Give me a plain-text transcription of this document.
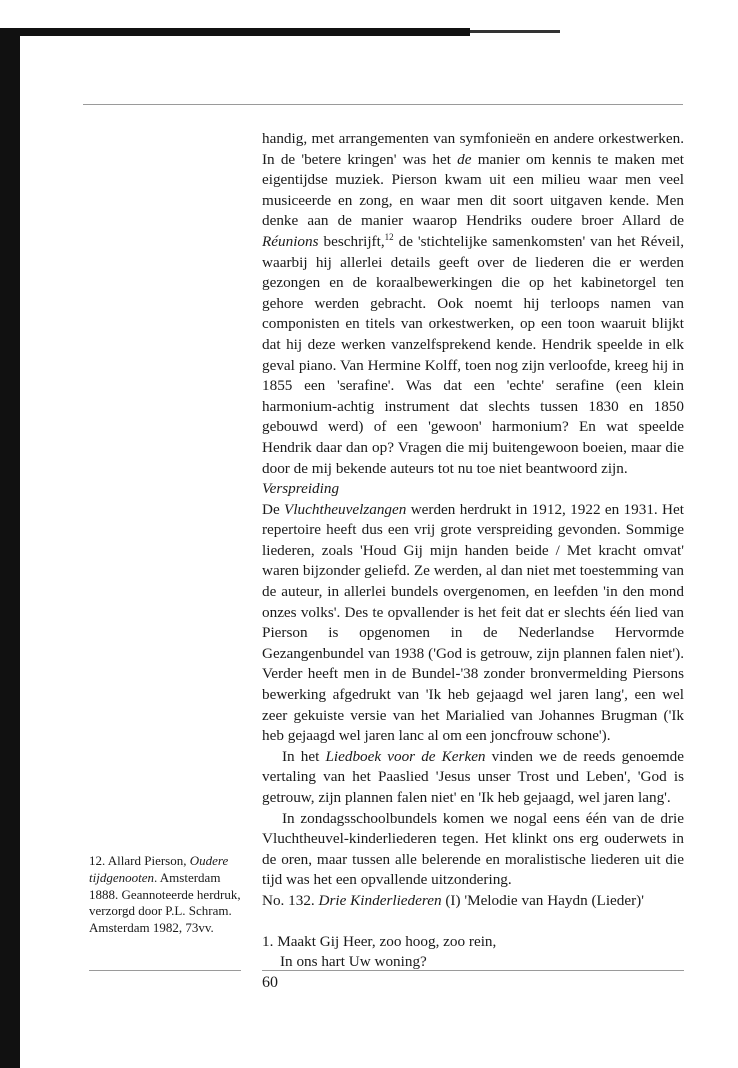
handig, met arrangementen van symfonieën en andere orkestwerken. In de 'betere kringen' was het de manier om kennis te maken met eigentijdse muziek. Pierson kwam uit een milieu waar men veel musiceerde en zong, en waar men dit soort uitgaven kende. Men denke aan de manier waarop Hendriks oudere broer Allard de Réunions beschrijft,$^{12}$ de 'stichtelijke samenkomsten' van het Réveil, waarbij hij allerlei details geeft over de liederen die er werden gezongen en de koraalbewerkingen die op het kabinetorgel ten gehore werden gebracht. Ook noemt hij terloops namen van componisten en titels van orkestwerken, op een toon waaruit blijkt dat hij deze werken vanzelfsprekend kende. Hendrik speelde in elk geval piano. Van Hermine Kolff, toen nog zijn verloofde, kreeg hij in 1855 een 'serafine'. Was dat een 'echte' serafine (een klein harmonium-achtig instrument dat slechts tussen 1830 en 1850 gebouwd werd) of een 'gewoon' harmonium? En wat speelde Hendrik daar dan op? Vragen die mij buitengewoon boeien, maar die door de mij bekende auteurs tot nu toe niet beantwoord zijn.

Verspreiding

De Vluchtheuvelzangen werden herdrukt in 1912, 1922 en 1931. Het repertoire heeft dus een vrij grote verspreiding gevonden. Sommige liederen, zoals 'Houd Gij mijn handen beide / Met kracht omvat' waren bijzonder geliefd. Ze werden, al dan niet met toestemming van de auteur, in allerlei bundels overgenomen, en leefden 'in den mond onzes volks'. Des te opvallender is het feit dat er slechts één lied van Pierson is opgenomen in de Nederlandse Hervormde Gezangenbundel van 1938 ('God is getrouw, zijn plannen falen niet'). Verder heeft men in de Bundel-'38 zonder bronvermelding Piersons bewerking afgedrukt van 'Ik heb gejaagd wel jaren lang', een wel zeer gekuiste versie van het Marialied van Johannes Brugman ('Ik heb gejaagd wel jaren lanc al om een joncfrouw schone').

In het Liedboek voor de Kerken vinden we de reeds genoemde vertaling van het Paaslied 'Jesus unser Trost und Leben', 'God is getrouw, zijn plannen falen niet' en 'Ik heb gejaagd, wel jaren lang'.

In zondagsschoolbundels komen we nogal eens één van de drie Vluchtheuvel-kinderliederen tegen. Het klinkt ons erg ouderwets in de oren, maar tussen alle belerende en moralistische liederen uit die tijd was het een opvallende uitzondering.

No. 132. Drie Kinderliederen (I) 'Melodie van Haydn (Lieder)'

1. Maakt Gij Heer, zoo hoog, zoo rein,
In ons hart Uw woning?

12. Allard Pierson, Oudere tijdgenooten. Amsterdam 1888. Geannoteerde herdruk, verzorgd door P.L. Schram. Amsterdam 1982, 73vv.
60
